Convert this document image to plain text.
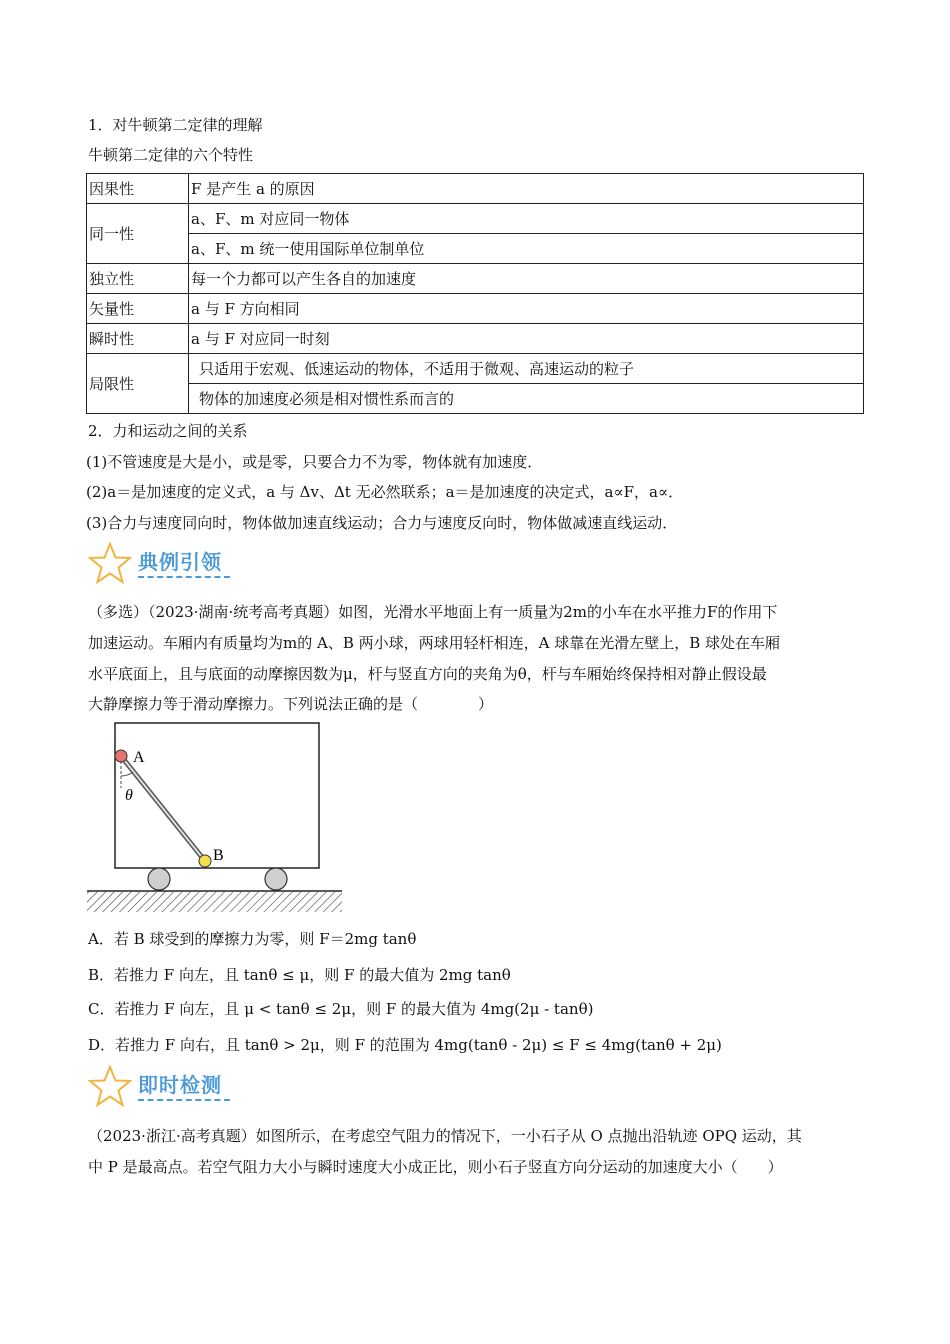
1．对牛顿第二定律的理解
牛顿第二定律的六个特性
因果性	F 是产生 a 的原因
同一性	a、F、m 对应同一物体
	a、F、m 统一使用国际单位制单位
独立性	每一个力都可以产生各自的加速度
矢量性	a 与 F 方向相同
瞬时性	a 与 F 对应同一时刻
局限性	只适用于宏观、低速运动的物体，不适用于微观、高速运动的粒子
	物体的加速度必须是相对惯性系而言的
2．力和运动之间的关系
(1)不管速度是大是小，或是零，只要合力不为零，物体就有加速度．
(2)a＝是加速度的定义式，a 与 Δv、Δt 无必然联系；a＝是加速度的决定式，a∝F，a∝．
(3)合力与速度同向时，物体做加速直线运动；合力与速度反向时，物体做减速直线运动．
典例引领
（多选）（2023·湖南·统考高考真题）如图，光滑水平地面上有一质量为2m的小车在水平推力F的作用下
加速运动。车厢内有质量均为m的 A、B 两小球，两球用轻杆相连，A 球靠在光滑左壁上，B 球处在车厢
水平底面上，且与底面的动摩擦因数为μ，杆与竖直方向的夹角为θ，杆与车厢始终保持相对静止假设最
大静摩擦力等于滑动摩擦力。下列说法正确的是（　　　　）
A
B
θ
A．若 B 球受到的摩擦力为零，则 F＝2mg tanθ
B．若推力 F 向左，且 tanθ ≤ μ，则 F 的最大值为 2mg tanθ
C．若推力 F 向左，且 μ < tanθ ≤ 2μ，则 F 的最大值为 4mg(2μ - tanθ)
D．若推力 F 向右，且 tanθ > 2μ，则 F 的范围为 4mg(tanθ - 2μ) ≤ F ≤ 4mg(tanθ + 2μ)
即时检测
（2023·浙江·高考真题）如图所示，在考虑空气阻力的情况下，一小石子从 O 点抛出沿轨迹 OPQ 运动，其
中 P 是最高点。若空气阻力大小与瞬时速度大小成正比，则小石子竖直方向分运动的加速度大小（　　）
